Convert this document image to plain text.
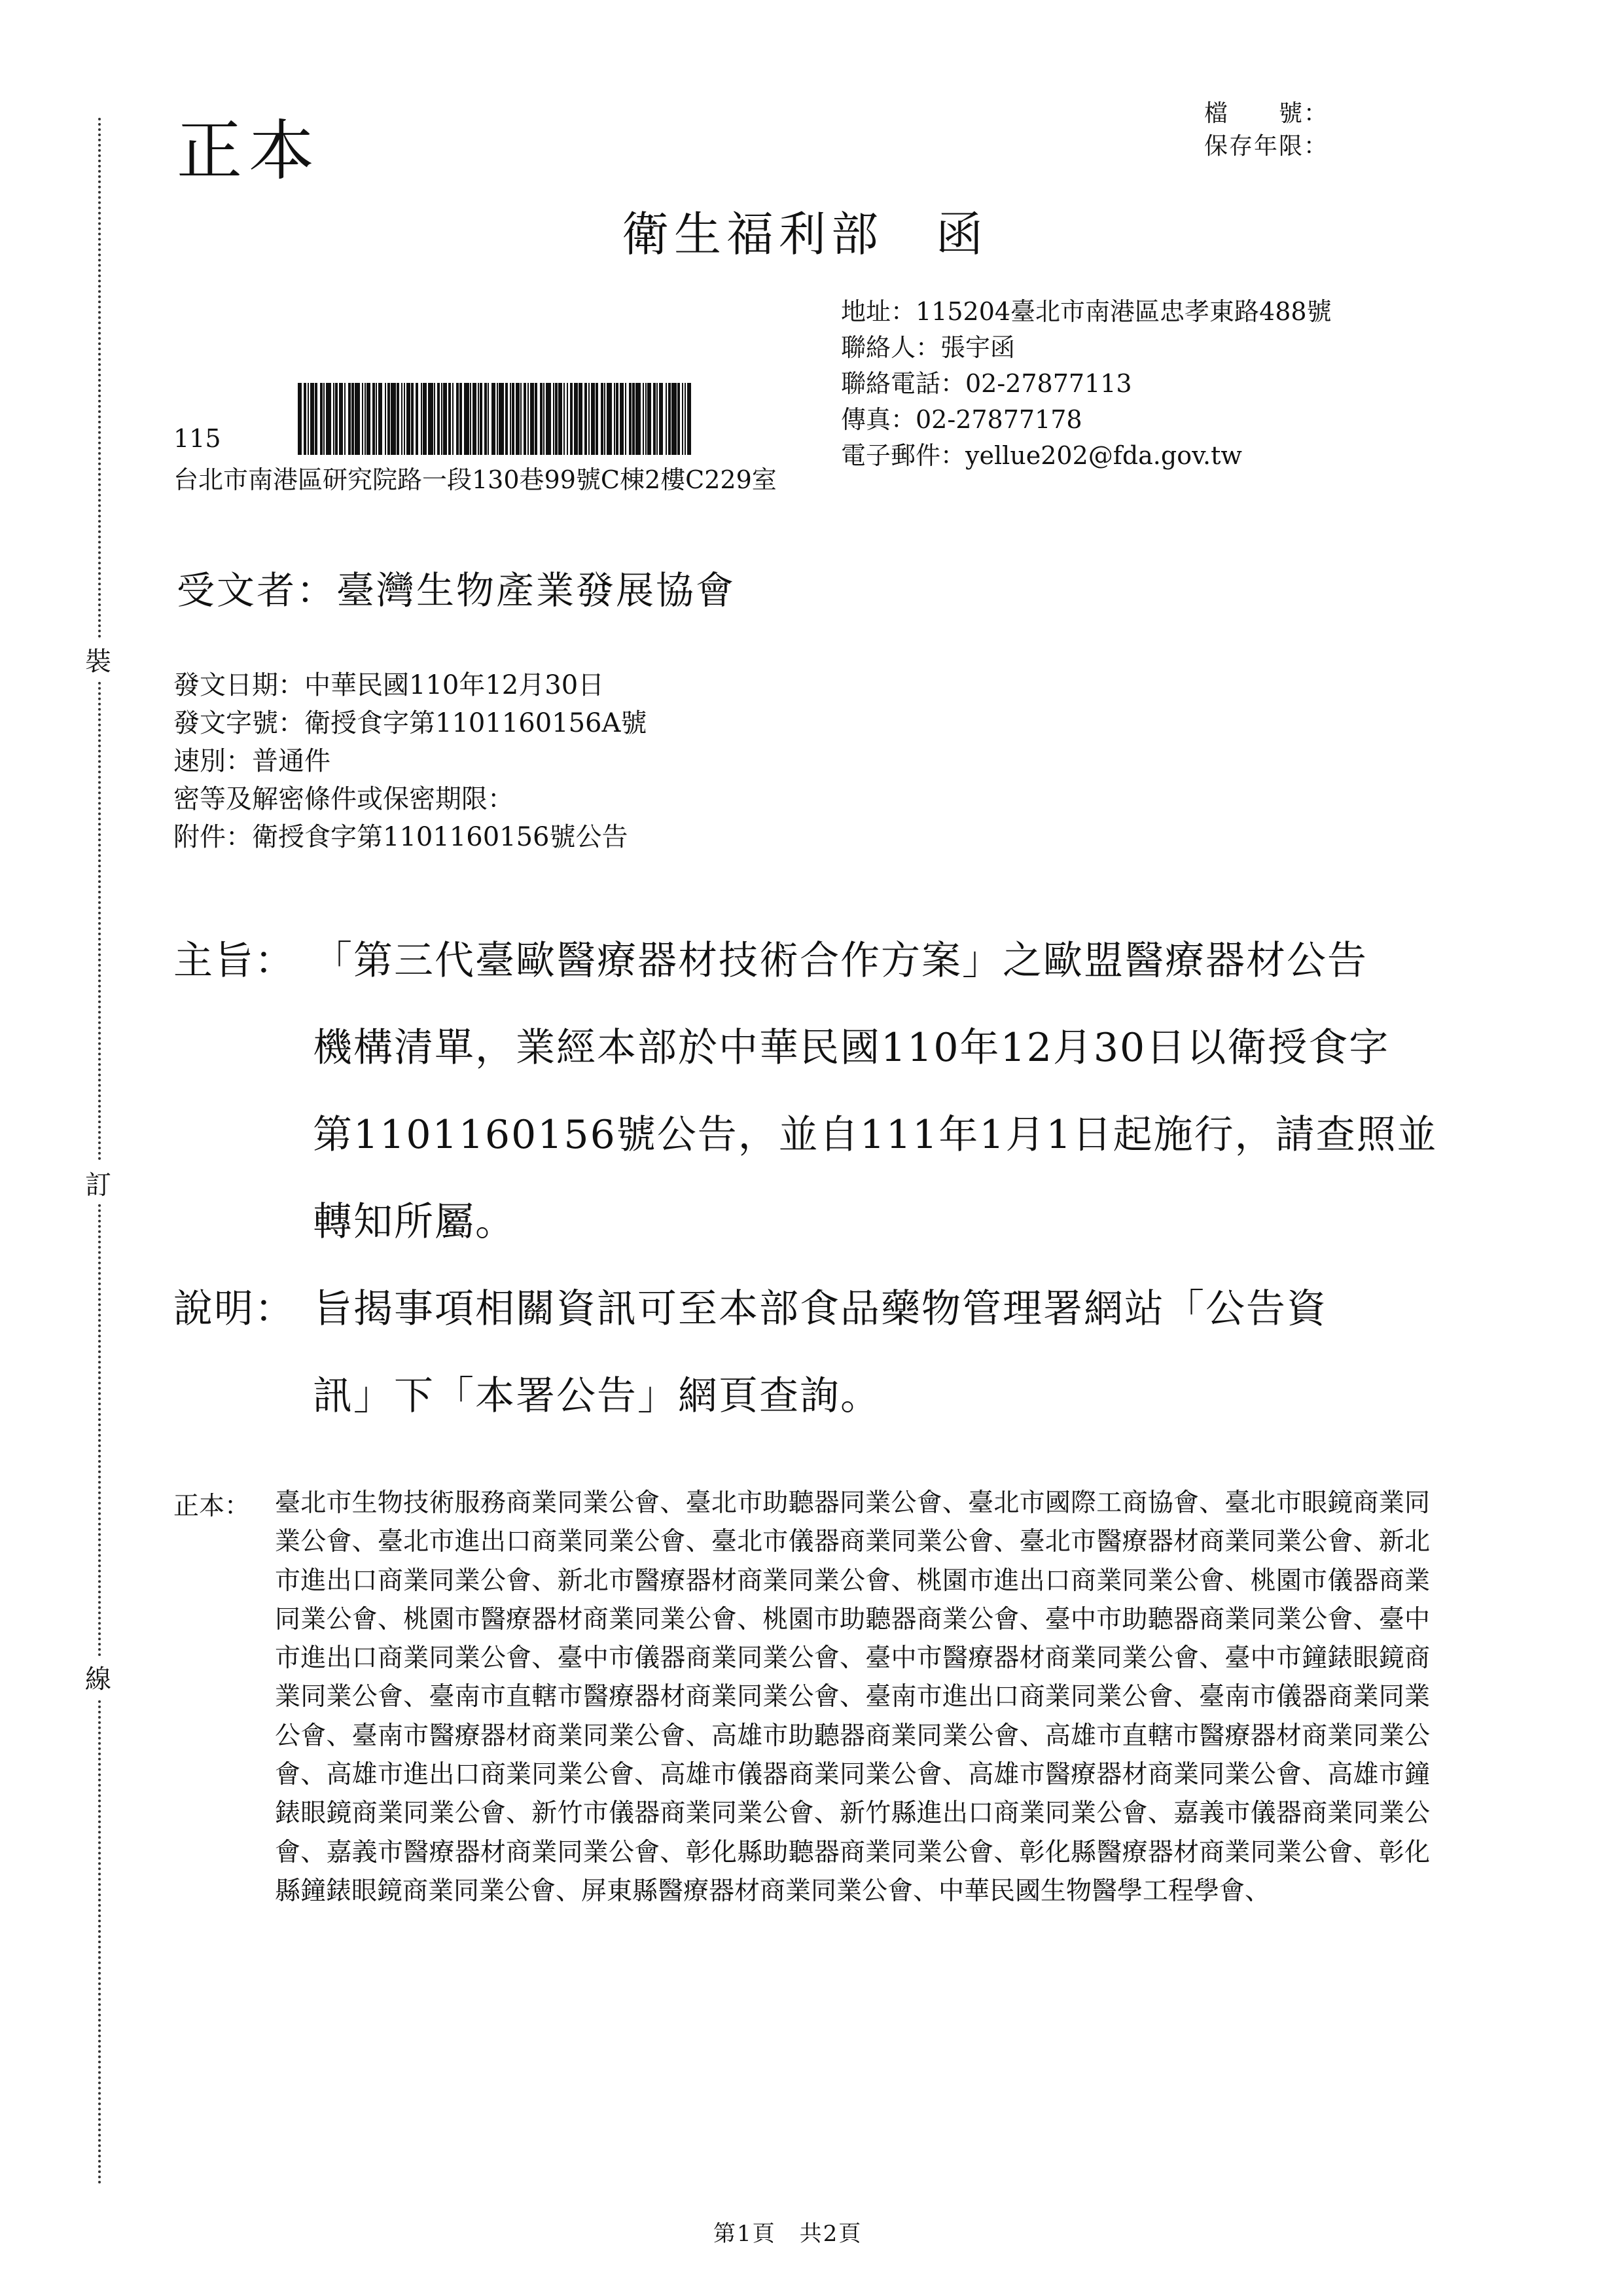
裝
訂
線
正本	檔　　號：
保存年限：
衛生福利部　函
地址：115204臺北市南港區忠孝東路488號
聯絡人：張宇函
聯絡電話：02-27877113
傳真：02-27877178
電子郵件：yellue202@fda.gov.tw
115
台北市南港區研究院路一段130巷99號C棟2樓C229室
受文者：臺灣生物產業發展協會
發文日期：中華民國110年12月30日
發文字號：衛授食字第1101160156A號
速別：普通件
密等及解密條件或保密期限：
附件：衛授食字第1101160156號公告
主旨： 「第三代臺歐醫療器材技術合作方案」之歐盟醫療器材公告
機構清單，業經本部於中華民國110年12月30日以衛授食字
第1101160156號公告，並自111年1月1日起施行，請查照並
轉知所屬。
說明： 旨揭事項相關資訊可至本部食品藥物管理署網站「公告資
訊」下「本署公告」網頁查詢。
正本： 臺北市生物技術服務商業同業公會、臺北市助聽器同業公會、臺北市國際工商協會、臺北市眼鏡商業同業公會、臺北市進出口商業同業公會、臺北市儀器商業同業公會、臺北市醫療器材商業同業公會、新北市進出口商業同業公會、新北市醫療器材商業同業公會、桃園市進出口商業同業公會、桃園市儀器商業同業公會、桃園市醫療器材商業同業公會、桃園市助聽器商業公會、臺中市助聽器商業同業公會、臺中市進出口商業同業公會、臺中市儀器商業同業公會、臺中市醫療器材商業同業公會、臺中市鐘錶眼鏡商業同業公會、臺南市直轄市醫療器材商業同業公會、臺南市進出口商業同業公會、臺南市儀器商業同業公會、臺南市醫療器材商業同業公會、高雄市助聽器商業同業公會、高雄市直轄市醫療器材商業同業公會、高雄市進出口商業同業公會、高雄市儀器商業同業公會、高雄市醫療器材商業同業公會、高雄市鐘錶眼鏡商業同業公會、新竹市儀器商業同業公會、新竹縣進出口商業同業公會、嘉義市儀器商業同業公會、嘉義市醫療器材商業同業公會、彰化縣助聽器商業同業公會、彰化縣醫療器材商業同業公會、彰化縣鐘錶眼鏡商業同業公會、屏東縣醫療器材商業同業公會、中華民國生物醫學工程學會、
第1頁　共2頁
